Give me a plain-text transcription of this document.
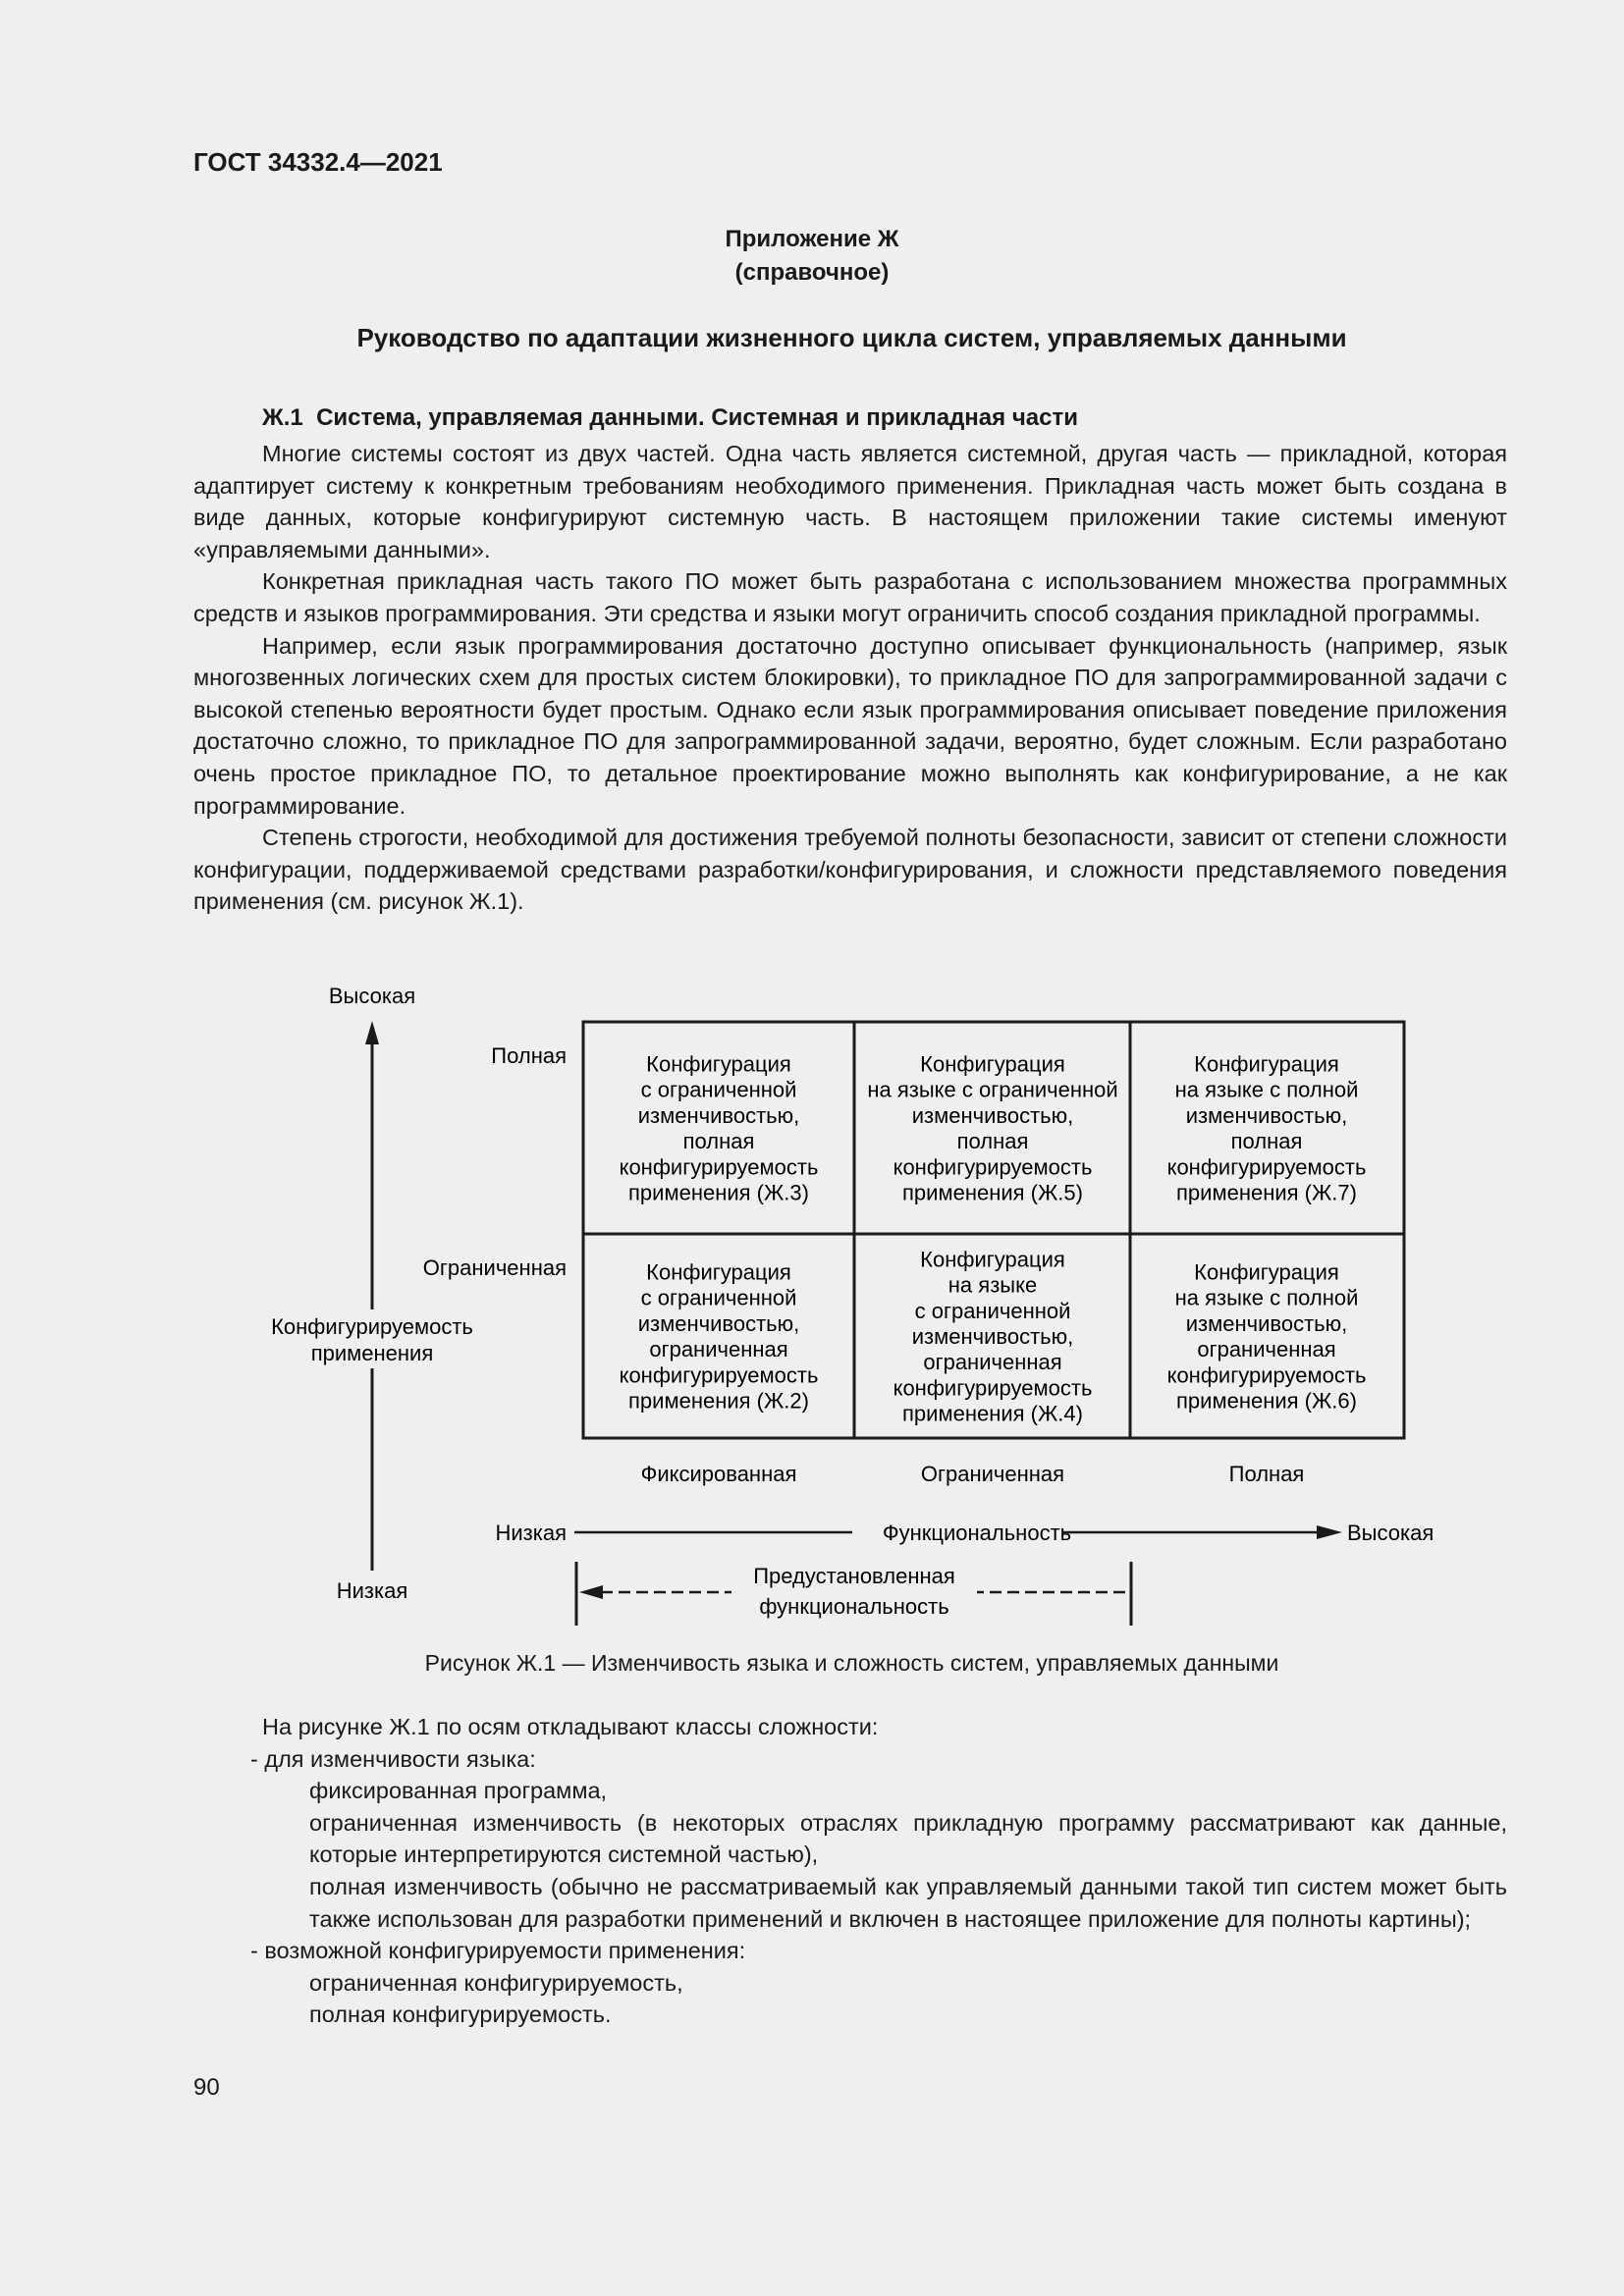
ГОСТ 34332.4—2021
Приложение Ж
(справочное)
Руководство по адаптации жизненного цикла систем, управляемых данными
Ж.1 Система, управляемая данными. Системная и прикладная части

Многие системы состоят из двух частей. Одна часть является системной, другая часть — прикладной, которая адаптирует систему к конкретным требованиям необходимого применения. Прикладная часть может быть создана в виде данных, которые конфигурируют системную часть. В настоящем приложении такие системы именуют «управляемыми данными».

Конкретная прикладная часть такого ПО может быть разработана с использованием множества программных средств и языков программирования. Эти средства и языки могут ограничить способ создания прикладной программы.

Например, если язык программирования достаточно доступно описывает функциональность (например, язык многозвенных логических схем для простых систем блокировки), то прикладное ПО для запрограммированной задачи с высокой степенью вероятности будет простым. Однако если язык программирования описывает поведение приложения достаточно сложно, то прикладное ПО для запрограммированной задачи, вероятно, будет сложным. Если разработано очень простое прикладное ПО, то детальное проектирование можно выполнять как конфигурирование, а не как программирование.

Степень строгости, необходимой для достижения требуемой полноты безопасности, зависит от степени сложности конфигурации, поддерживаемой средствами разработки/конфигурирования, и сложности представляемого поведения применения (см. рисунок Ж.1).

Высокая
Низкая
Конфигурируемость
применения
Полная
Ограниченная
Конфигурация
с ограниченной
изменчивостью,
полная
конфигурируемость
применения (Ж.3)
Конфигурация
на языке с ограниченной
изменчивостью,
полная
конфигурируемость
применения (Ж.5)
Конфигурация
на языке с полной
изменчивостью,
полная
конфигурируемость
применения (Ж.7)
Конфигурация
с ограниченной
изменчивостью,
ограниченная
конфигурируемость
применения (Ж.2)
Конфигурация
на языке
с ограниченной
изменчивостью,
ограниченная
конфигурируемость
применения (Ж.4)
Конфигурация
на языке с полной
изменчивостью,
ограниченная
конфигурируемость
применения (Ж.6)
Фиксированная	Ограниченная	Полная
Низкая	Функциональность	Высокая
Предустановленная
функциональность
Рисунок Ж.1 — Изменчивость языка и сложность систем, управляемых данными

На рисунке Ж.1 по осям откладывают классы сложности:

- для изменчивости языка:

фиксированная программа,

ограниченная изменчивость (в некоторых отраслях прикладную программу рассматривают как данные, которые интерпретируются системной частью),

полная изменчивость (обычно не рассматриваемый как управляемый данными такой тип систем может быть также использован для разработки применений и включен в настоящее приложение для полноты картины);

- возможной конфигурируемости применения:

ограниченная конфигурируемость,

полная конфигурируемость.

90
